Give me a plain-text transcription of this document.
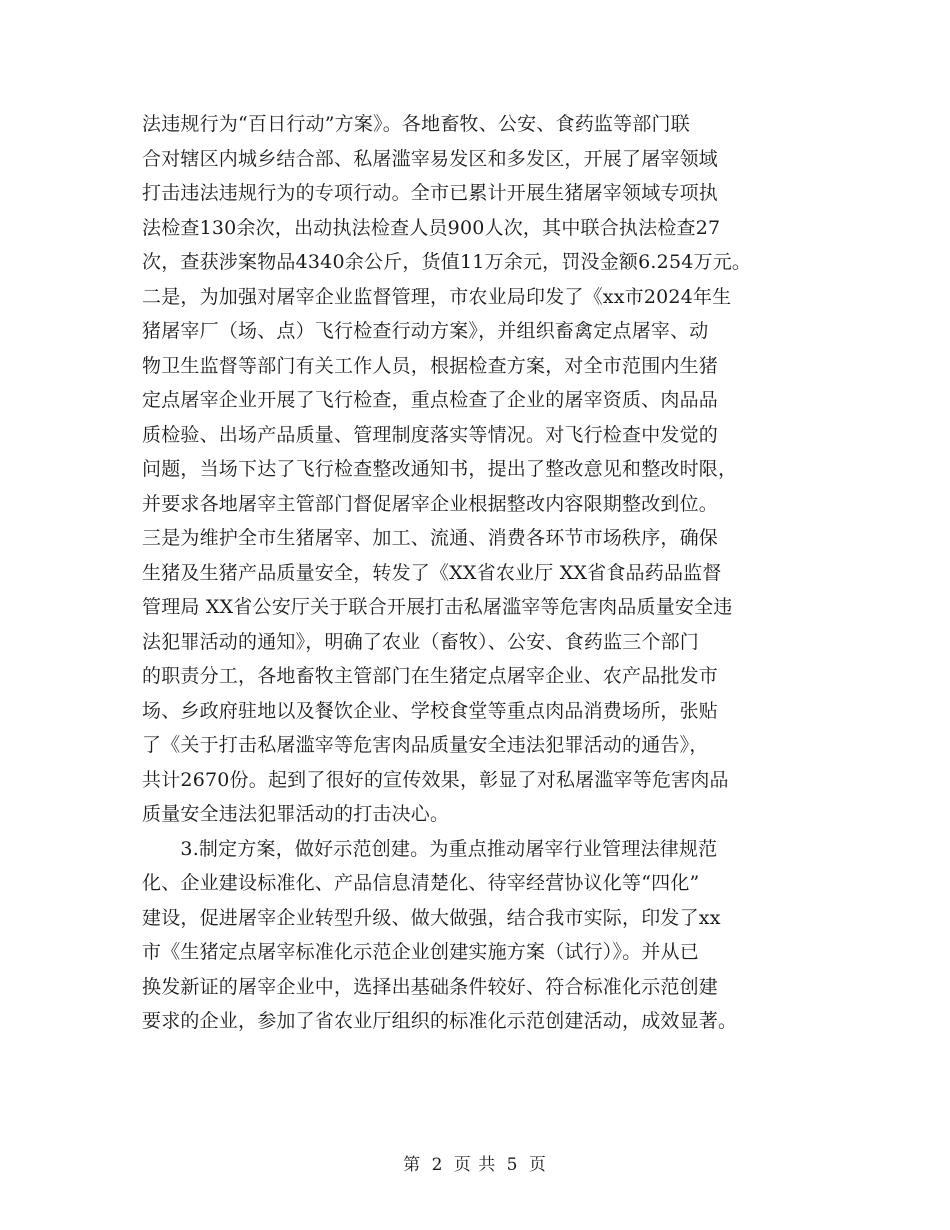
法违规行为“百日行动”方案》。各地畜牧、公安、食药监等部门联
合对辖区内城乡结合部、私屠滥宰易发区和多发区，开展了屠宰领域
打击违法违规行为的专项行动。全市已累计开展生猪屠宰领域专项执
法检查130余次，出动执法检查人员900人次，其中联合执法检查27
次，查获涉案物品4340余公斤，货值11万余元，罚没金额6.254万元。
二是，为加强对屠宰企业监督管理，市农业局印发了《xx市2024年生
猪屠宰厂（场、点）飞行检查行动方案》，并组织畜禽定点屠宰、动
物卫生监督等部门有关工作人员，根据检查方案，对全市范围内生猪
定点屠宰企业开展了飞行检查，重点检查了企业的屠宰资质、肉品品
质检验、出场产品质量、管理制度落实等情况。对飞行检查中发觉的
问题，当场下达了飞行检查整改通知书，提出了整改意见和整改时限，
并要求各地屠宰主管部门督促屠宰企业根据整改内容限期整改到位。
三是为维护全市生猪屠宰、加工、流通、消费各环节市场秩序，确保
生猪及生猪产品质量安全，转发了《XX省农业厅 XX省食品药品监督
管理局 XX省公安厅关于联合开展打击私屠滥宰等危害肉品质量安全违
法犯罪活动的通知》，明确了农业（畜牧）、公安、食药监三个部门
的职责分工，各地畜牧主管部门在生猪定点屠宰企业、农产品批发市
场、乡政府驻地以及餐饮企业、学校食堂等重点肉品消费场所，张贴
了《关于打击私屠滥宰等危害肉品质量安全违法犯罪活动的通告》，
共计2670份。起到了很好的宣传效果，彰显了对私屠滥宰等危害肉品
质量安全违法犯罪活动的打击决心。
　　3.制定方案，做好示范创建。为重点推动屠宰行业管理法律规范
化、企业建设标准化、产品信息清楚化、待宰经营协议化等“四化”
建设，促进屠宰企业转型升级、做大做强，结合我市实际，印发了xx
市《生猪定点屠宰标准化示范企业创建实施方案（试行）》。并从已
换发新证的屠宰企业中，选择出基础条件较好、符合标准化示范创建
要求的企业，参加了省农业厅组织的标准化示范创建活动，成效显著。
第 2 页 共 5 页
